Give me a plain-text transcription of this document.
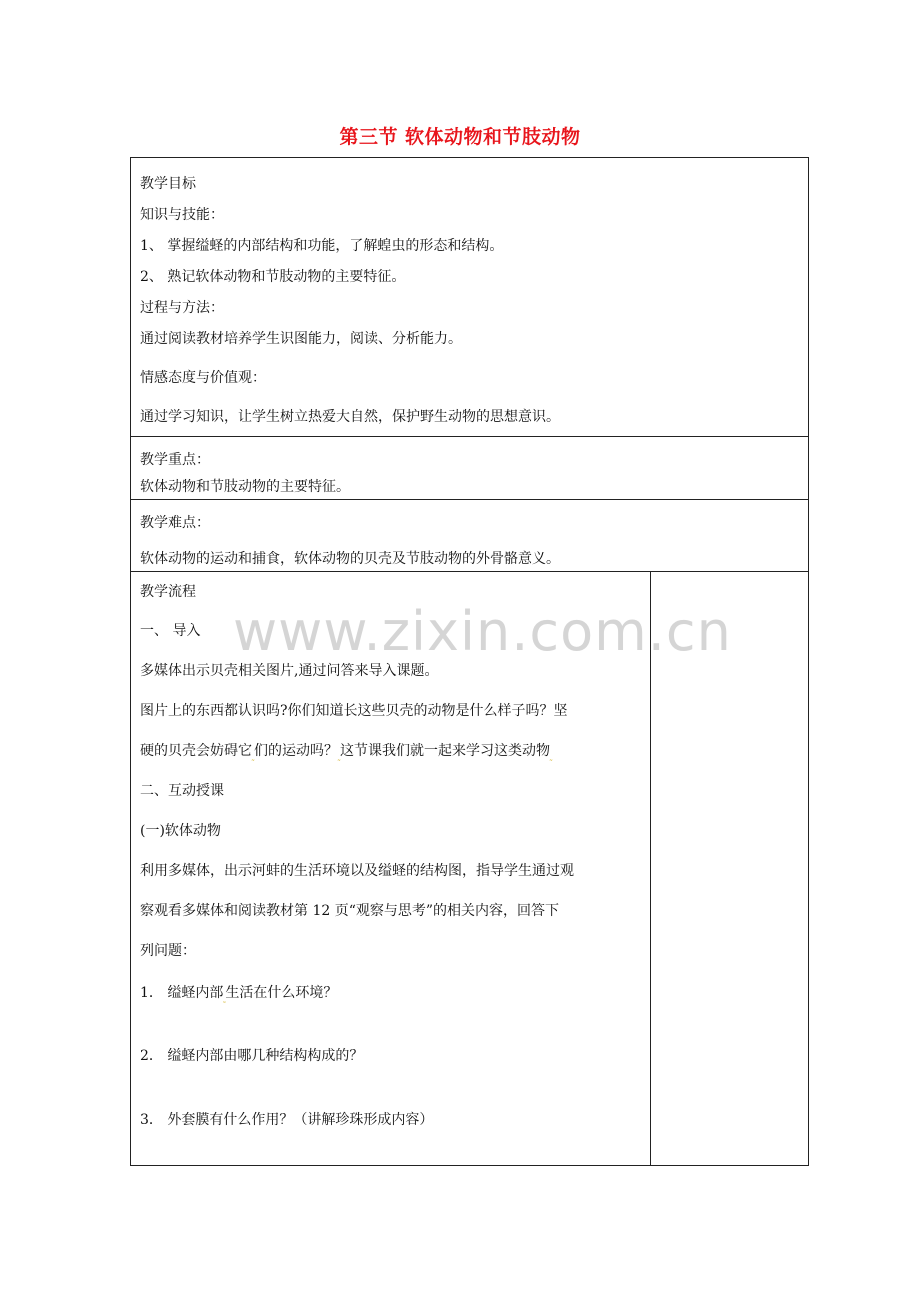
第三节 软体动物和节肢动物
www.zixin.com.cn
教学目标
知识与技能：
1、 掌握缢蛏的内部结构和功能，了解蝗虫的形态和结构。
2、 熟记软体动物和节肢动物的主要特征。
过程与方法：
通过阅读教材培养学生识图能力，阅读、分析能力。
情感态度与价值观：
通过学习知识，让学生树立热爱大自然，保护野生动物的思想意识。
教学重点：
软体动物和节肢动物的主要特征。
教学难点：
软体动物的运动和捕食，软体动物的贝壳及节肢动物的外骨骼意义。
教学流程
一、 导入
多媒体出示贝壳相关图片,通过问答来导入课题。
图片上的东西都认识吗?你们知道长这些贝壳的动物是什么样子吗？坚
硬的贝壳会妨碍它$_˷$们的运动吗？$_˷$这节课我们就一起来学习这类动物$_˷$
二、互动授课
(一)软体动物
利用多媒体，出示河蚌的生活环境以及缢蛏的结构图，指导学生通过观
察观看多媒体和阅读教材第 12 页“观察与思考”的相关内容，回答下
列问题：
1． 缢蛏内部$_˷$生活在什么环境？
2． 缢蛏内部由哪几种结构构成的？
3． 外套膜有什么作用？（讲解珍珠形成内容）
